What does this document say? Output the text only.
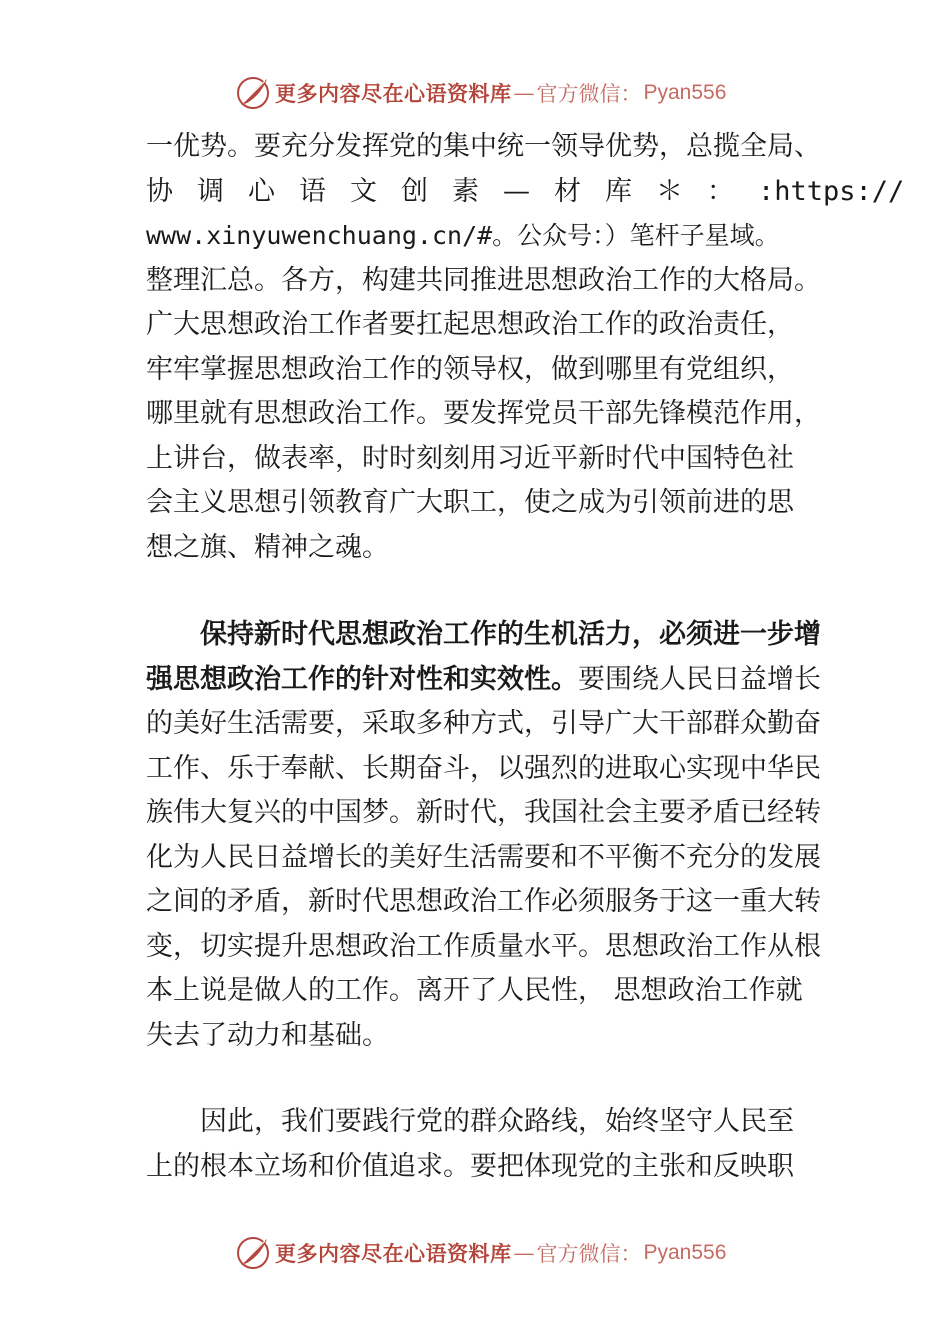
更多内容尽在心语资料库 — 官方微信： Pyan556
一优势。要充分发挥党的集中统一领导优势，总揽全局、
协调心语文创素—材库＊： :https://
www.xinyuwenchuang.cn/#。公众号：）笔杆子星域。
整理汇总。各方，构建共同推进思想政治工作的大格局。
广大思想政治工作者要扛起思想政治工作的政治责任，
牢牢掌握思想政治工作的领导权，做到哪里有党组织，
哪里就有思想政治工作。要发挥党员干部先锋模范作用，
上讲台，做表率，时时刻刻用习近平新时代中国特色社
会主义思想引领教育广大职工，使之成为引领前进的思
想之旗、精神之魂。
保持新时代思想政治工作的生机活力，必须进一步增
强思想政治工作的针对性和实效性。要围绕人民日益增长
的美好生活需要，采取多种方式，引导广大干部群众勤奋
工作、乐于奉献、长期奋斗，以强烈的进取心实现中华民
族伟大复兴的中国梦。新时代，我国社会主要矛盾已经转
化为人民日益增长的美好生活需要和不平衡不充分的发展
之间的矛盾，新时代思想政治工作必须服务于这一重大转
变，切实提升思想政治工作质量水平。思想政治工作从根
本上说是做人的工作。离开了人民性， 思想政治工作就
失去了动力和基础。
因此，我们要践行党的群众路线，始终坚守人民至
上的根本立场和价值追求。要把体现党的主张和反映职
更多内容尽在心语资料库 — 官方微信： Pyan556
